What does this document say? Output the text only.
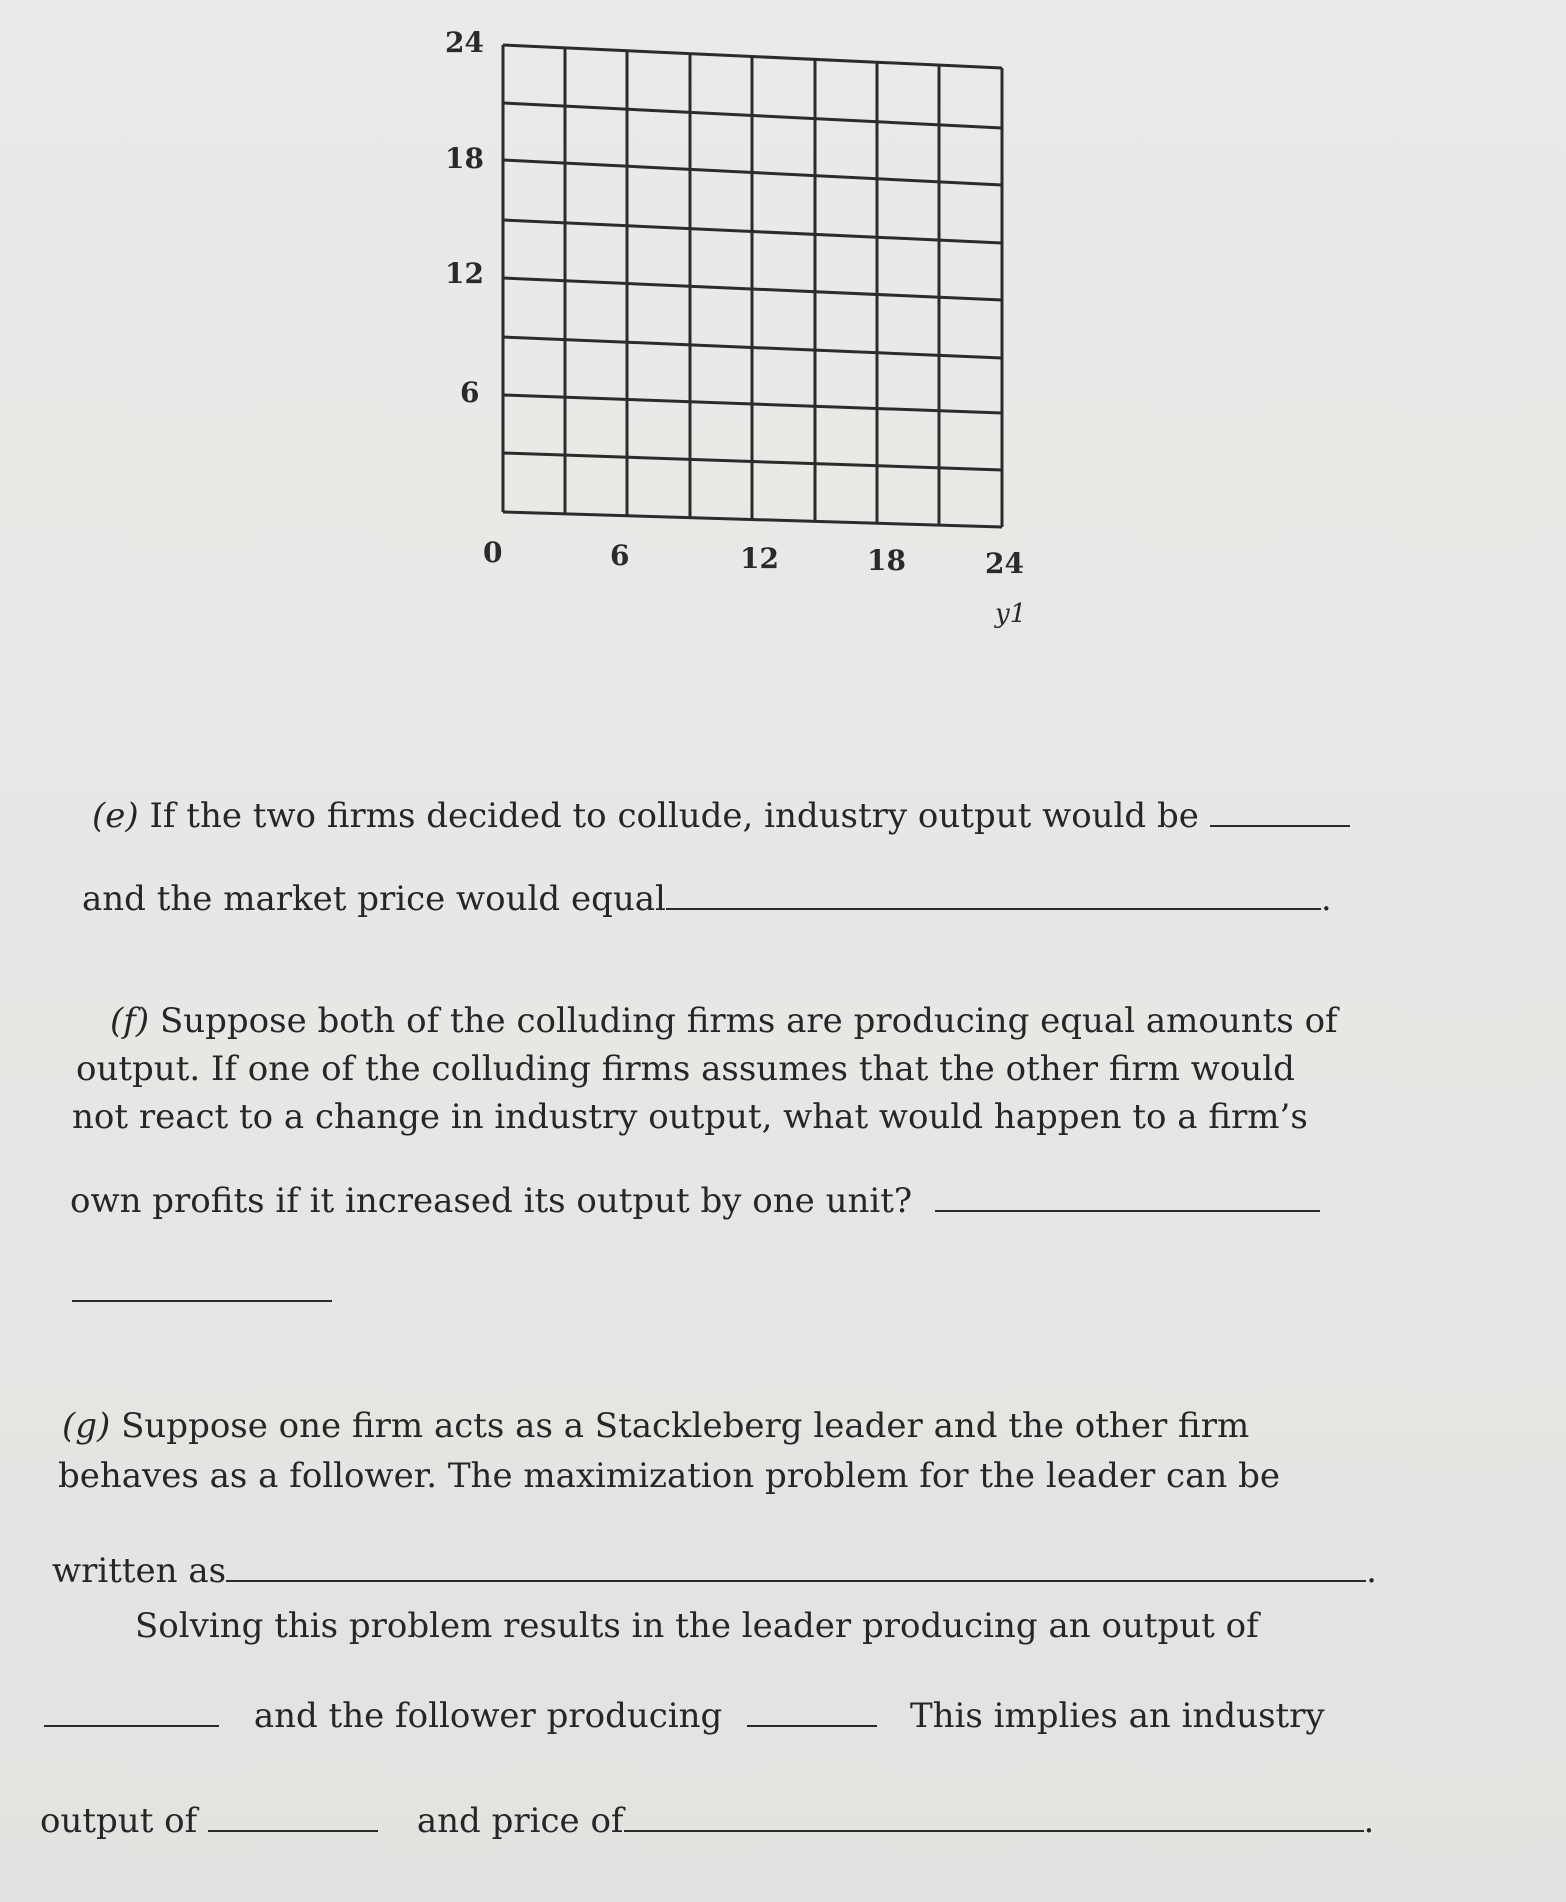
24
18
12
6
0	6	12	18	24
y1
(e) If the two firms decided to collude, industry output would be
and the market price would equal	.
(f) Suppose both of the colluding firms are producing equal amounts of
output. If one of the colluding firms assumes that the other firm would
not react to a change in industry output, what would happen to a firm’s
own profits if it increased its output by one unit?
(g) Suppose one firm acts as a Stackleberg leader and the other firm
behaves as a follower. The maximization problem for the leader can be
written as	.
Solving this problem results in the leader producing an output of
and the follower producing	This implies an industry
output of	and price of	.
